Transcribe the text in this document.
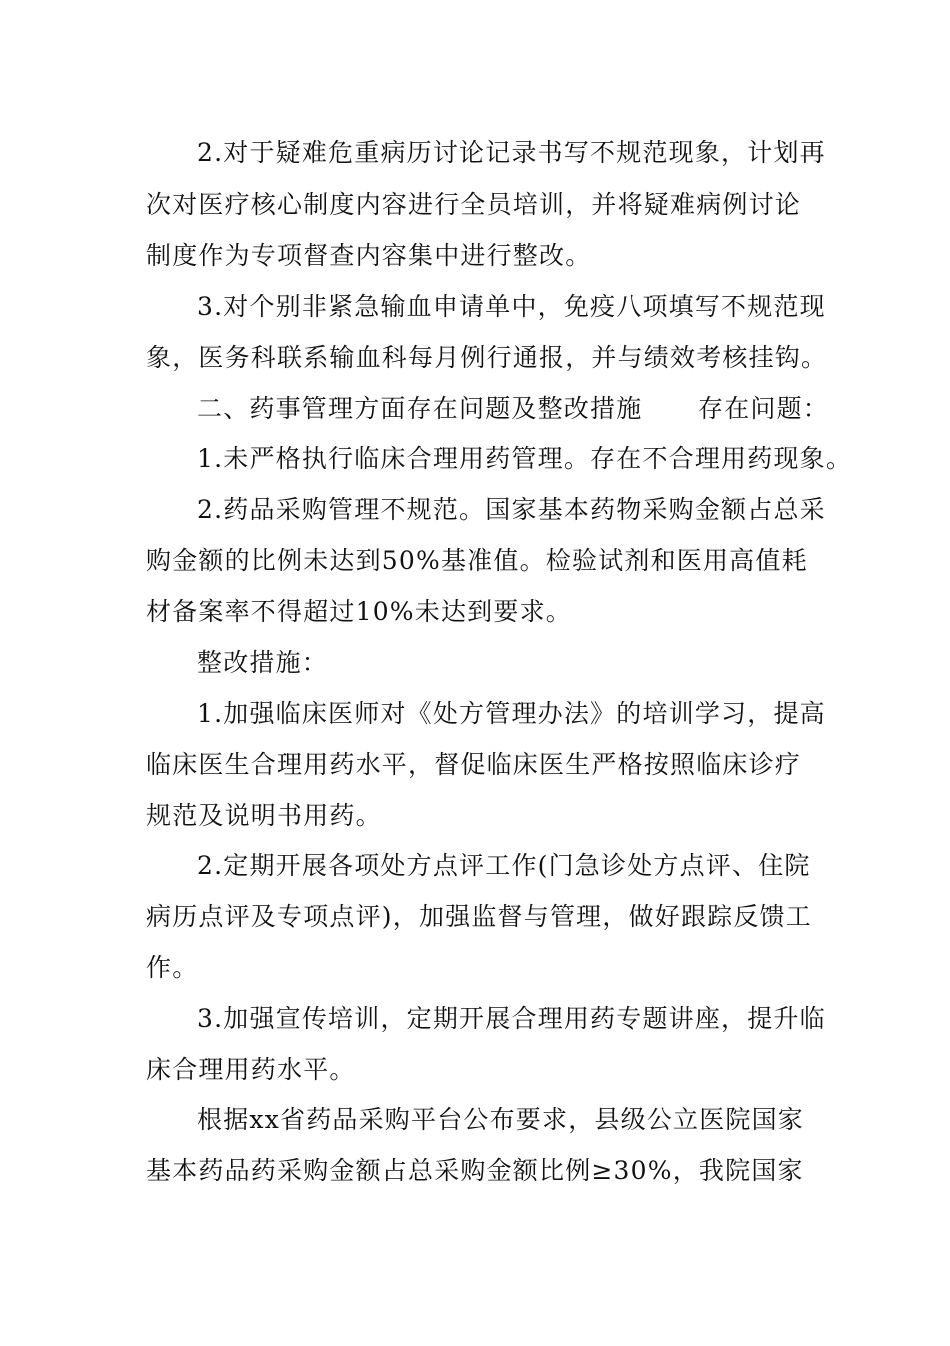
2.对于疑难危重病历讨论记录书写不规范现象，计划再
次对医疗核心制度内容进行全员培训，并将疑难病例讨论
制度作为专项督查内容集中进行整改。
3.对个别非紧急输血申请单中，免疫八项填写不规范现
象，医务科联系输血科每月例行通报，并与绩效考核挂钩。
二、药事管理方面存在问题及整改措施 存在问题：
1.未严格执行临床合理用药管理。存在不合理用药现象。
2.药品采购管理不规范。国家基本药物采购金额占总采
购金额的比例未达到50%基准值。检验试剂和医用高值耗
材备案率不得超过10%未达到要求。
整改措施：
1.加强临床医师对《处方管理办法》的培训学习，提高
临床医生合理用药水平，督促临床医生严格按照临床诊疗
规范及说明书用药。
2.定期开展各项处方点评工作(门急诊处方点评、住院
病历点评及专项点评)，加强监督与管理，做好跟踪反馈工
作。
3.加强宣传培训，定期开展合理用药专题讲座，提升临
床合理用药水平。
根据xx省药品采购平台公布要求，县级公立医院国家
基本药品药采购金额占总采购金额比例≥30%，我院国家
